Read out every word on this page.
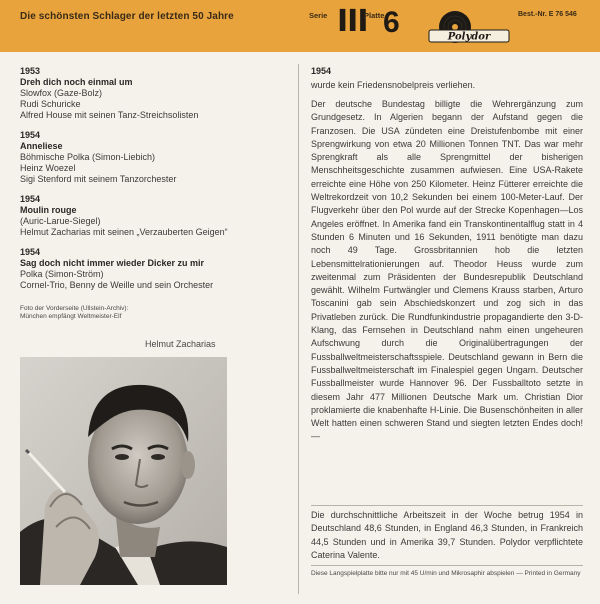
Die schönsten Schlager der letzten 50 Jahre	Serie III
Platte
6	Polydor
Best.-Nr. E 76 546
1953
Dreh dich noch einmal um
Slowfox (Gaze-Bolz)
Rudi Schuricke
Alfred House mit seinen Tanz-Streichsolisten
1954
Anneliese
Böhmische Polka (Simon-Liebich)
Heinz Woezel
Sigi Stenford mit seinem Tanzorchester
1954
Moulin rouge
(Auric-Larue-Siegel)
Helmut Zacharias mit seinen „Verzauberten Geigen“
1954
Sag doch nicht immer wieder Dicker zu mir
Polka (Simon-Ström)
Cornel-Trio, Benny de Weille und sein Orchester
Foto der Vorderseite (Ullstein-Archiv):
München empfängt Weltmeister-Elf
Helmut Zacharias
1954
wurde kein Friedensnobelpreis verliehen.
Der deutsche Bundestag billigte die Wehrergänzung zum Grundgesetz. In Algerien begann der Aufstand gegen die Franzosen. Die USA zündeten eine Dreistufenbombe mit einer Sprengwirkung von etwa 20 Millionen Tonnen TNT. Das war mehr Sprengkraft als alle Sprengmittel der bisherigen Menschheitsgeschichte zusammen aufwiesen. Eine USA-Rakete erreichte eine Höhe von 250 Kilometer. Heinz Fütterer erreichte die Weltrekordzeit von 10,2 Sekunden bei einem 100-Meter-Lauf. Der Flugverkehr über den Pol wurde auf der Strecke Kopenhagen—Los Angeles eröffnet. In Amerika fand ein Transkontinentalflug statt in 4 Stunden 6 Minuten und 16 Sekunden, 1911 benötigte man dazu noch 49 Tage. Grossbritannien hob die letzten Lebensmittelrationierungen auf. Theodor Heuss wurde zum zweitenmal zum Präsidenten der Bundesrepublik Deutschland gewählt. Wilhelm Furtwängler und Clemens Krauss starben, Arturo Toscanini gab sein Abschiedskonzert und zog sich in das Privatleben zurück. Die Rundfunkindustrie propagandierte den 3-D-Klang, das Fernsehen in Deutschland nahm einen ungeheuren Aufschwung durch die Originalübertragungen der Fussballweltmeisterschaftsspiele. Deutschland gewann in Bern die Fussballweltmeisterschaft im Finalespiel gegen Ungarn. Deutscher Fussballmeister wurde Hannover 96. Der Fussballtoto setzte in diesem Jahr 477 Millionen Deutsche Mark um. Christian Dior proklamierte die knabenhafte H-Linie. Die Busenschönheiten in aller Welt hatten einen schweren Stand und siegten letzten Endes doch! —
Die durchschnittliche Arbeitszeit in der Woche betrug 1954 in Deutschland 48,6 Stunden, in England 46,3 Stunden, in Frankreich 44,5 Stunden und in Amerika 39,7 Stunden. Polydor verpflichtete Caterina Valente.
Diese Langspielplatte bitte nur mit 45 U/min und Mikrosaphir abspielen — Printed in Germany
